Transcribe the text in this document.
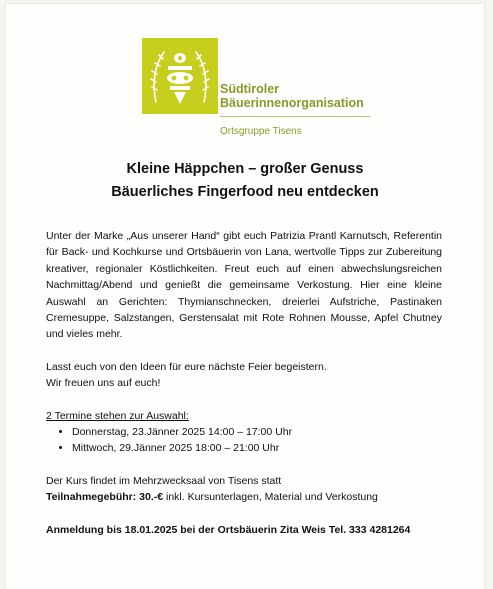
Südtiroler
Bäuerinnenorganisation
Ortsgruppe Tisens
Kleine Häppchen – großer Genuss
Bäuerliches Fingerfood neu entdecken

Unter der Marke „Aus unserer Hand“ gibt euch Patrizia Prantl Karnutsch, Referentin für Back- und Kochkurse und Ortsbäuerin von Lana, wertvolle Tipps zur Zubereitung kreativer, regionaler Köstlichkeiten. Freut euch auf einen abwechslungsreichen Nachmittag/Abend und genießt die gemeinsame Verkostung. Hier eine kleine Auswahl an Gerichten: Thymianschnecken, dreierlei Aufstriche, Pastinaken Cremesuppe, Salzstangen, Gerstensalat mit Rote Rohnen Mousse, Apfel Chutney und vieles mehr.

Lasst euch von den Ideen für eure nächste Feier begeistern.
Wir freuen uns auf euch!
2 Termine stehen zur Auswahl:
• Donnerstag, 23.Jänner 2025 14:00 – 17:00 Uhr
• Mittwoch, 29.Jänner 2025 18:00 – 21:00 Uhr
Der Kurs findet im Mehrzwecksaal von Tisens statt
Teilnahmegebühr: 30.-€ inkl. Kursunterlagen, Material und Verkostung
Anmeldung bis 18.01.2025 bei der Ortsbäuerin Zita Weis Tel. 333 4281264
